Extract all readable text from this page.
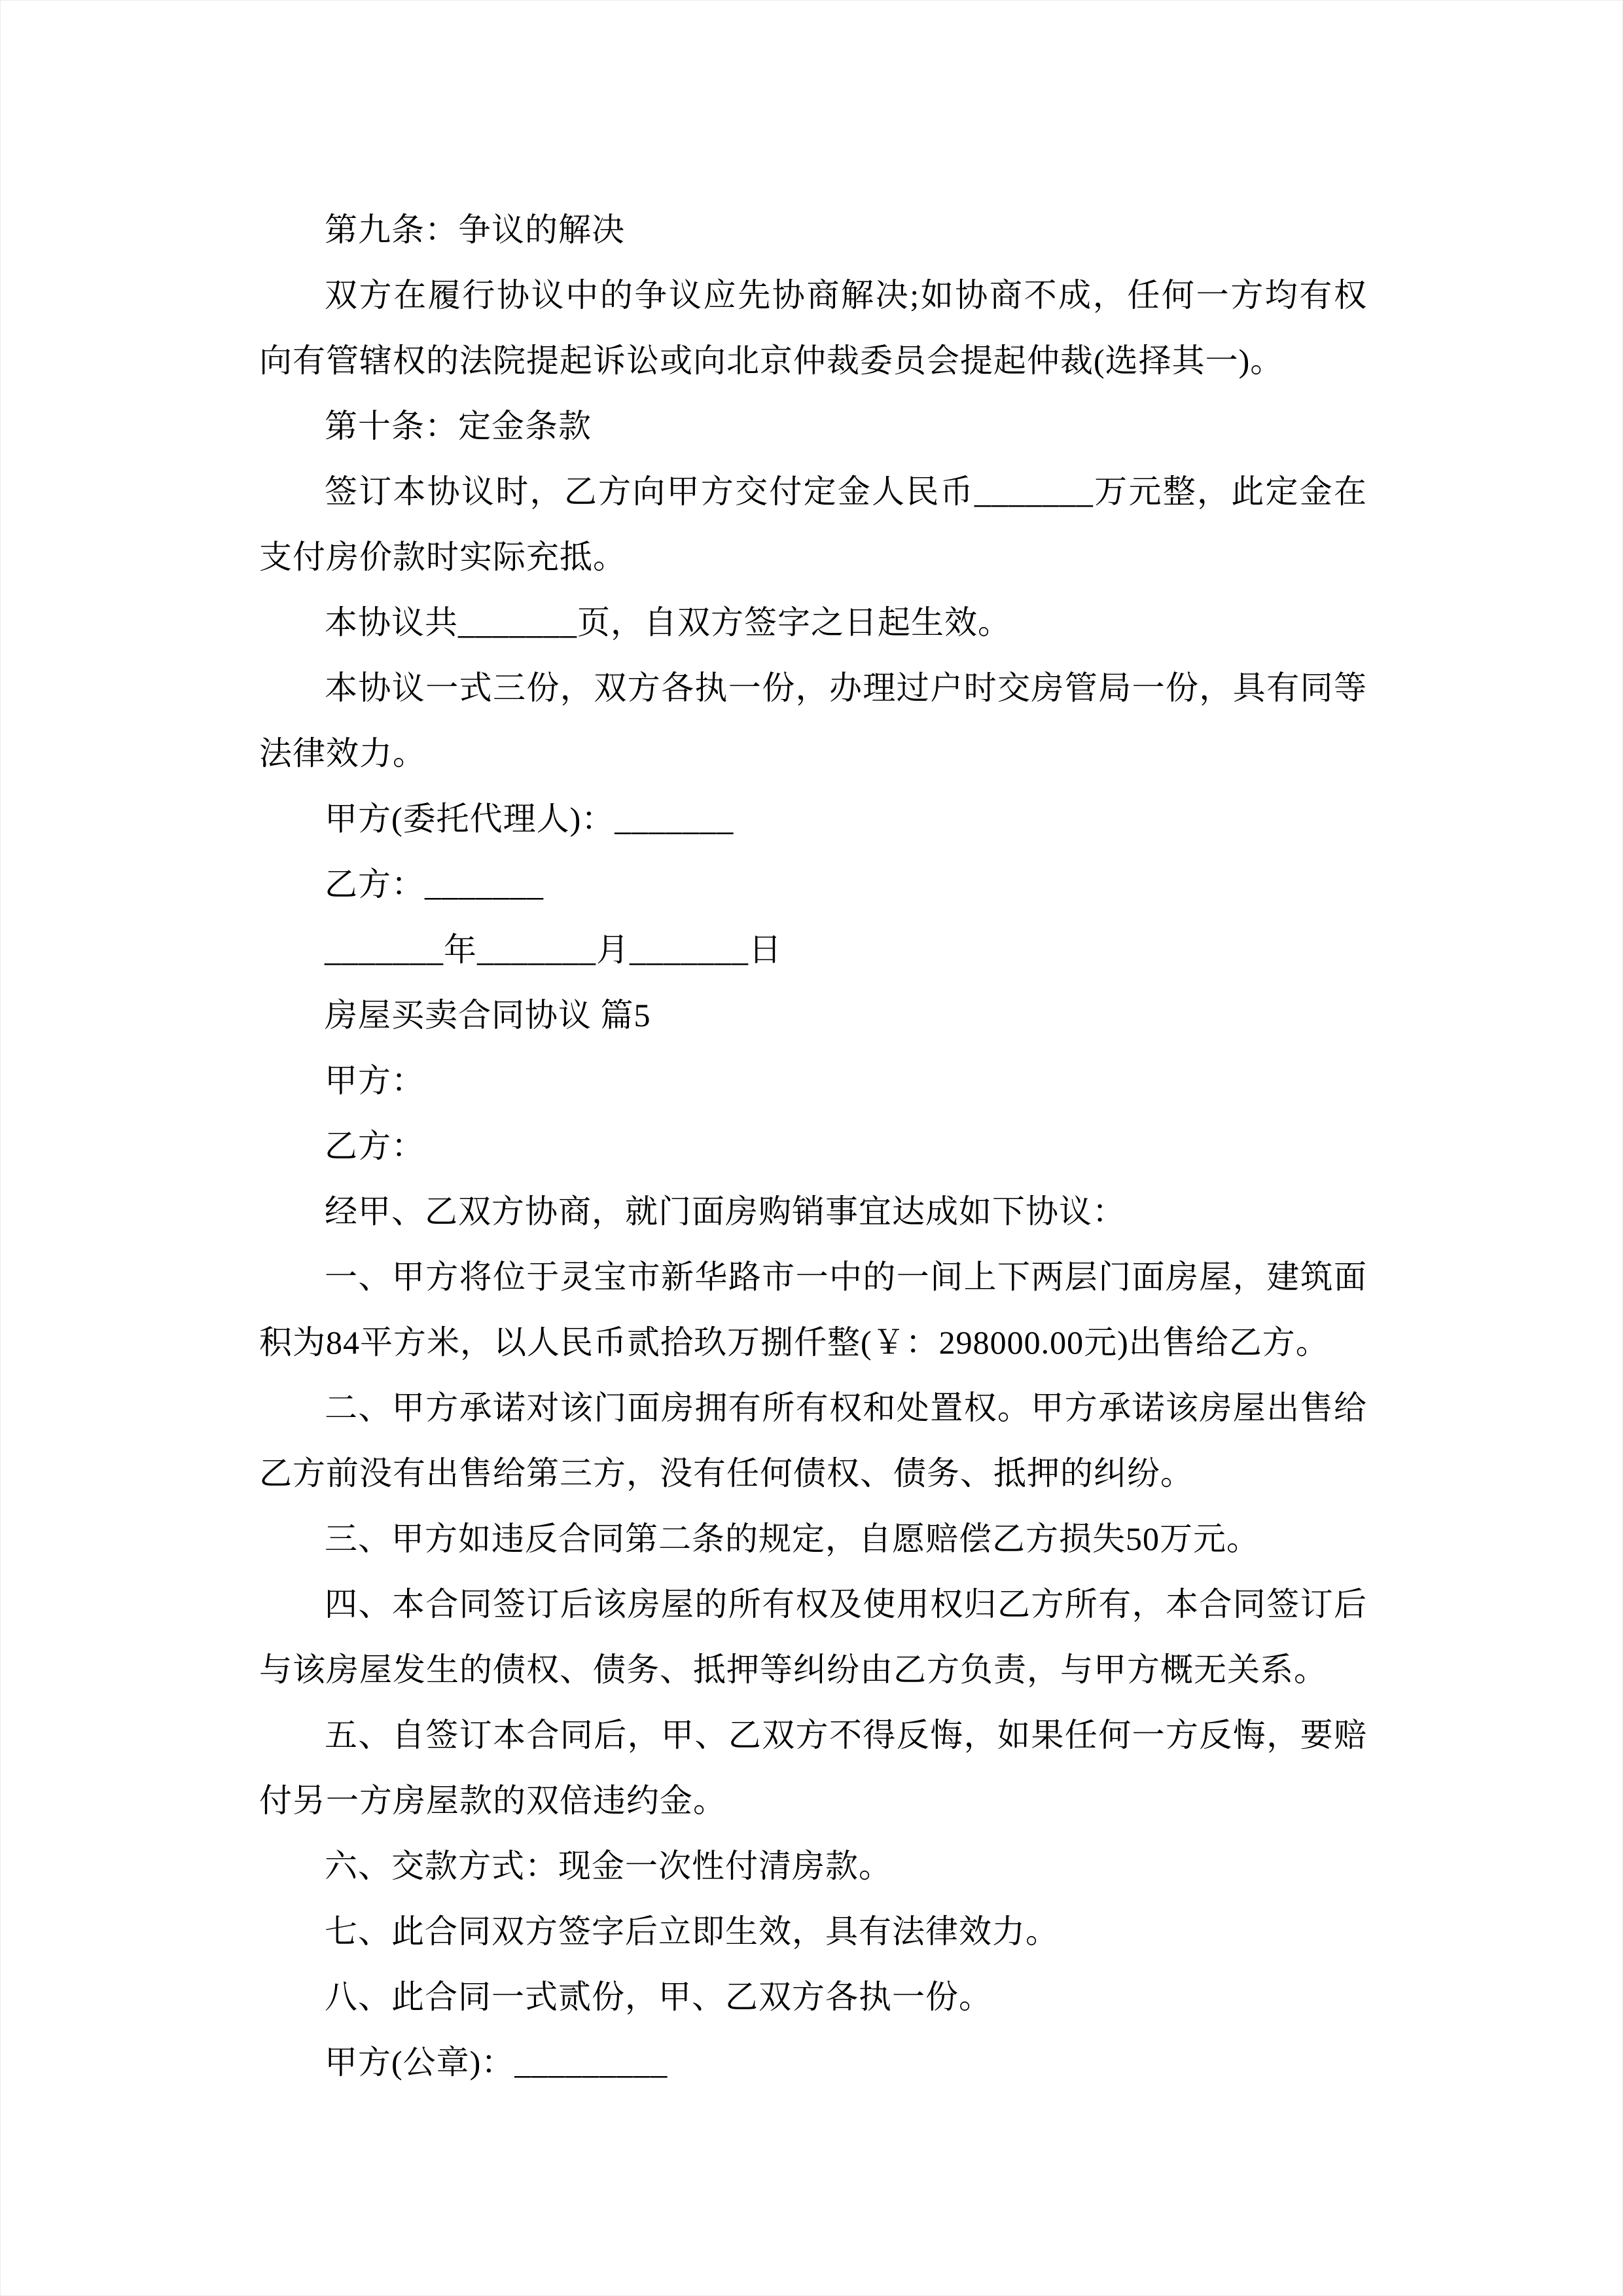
第九条：争议的解决

双方在履行协议中的争议应先协商解决;如协商不成，任何一方均有权向有管辖权的法院提起诉讼或向北京仲裁委员会提起仲裁(选择其一)。

第十条：定金条款

签订本协议时，乙方向甲方交付定金人民币_______万元整，此定金在支付房价款时实际充抵。

本协议共_______页，自双方签字之日起生效。

本协议一式三份，双方各执一份，办理过户时交房管局一份，具有同等法律效力。

甲方(委托代理人)：_______

乙方：_______

_______年_______月_______日

房屋买卖合同协议 篇5

甲方：

乙方：

经甲、乙双方协商，就门面房购销事宜达成如下协议：

一、甲方将位于灵宝市新华路市一中的一间上下两层门面房屋，建筑面积为84平方米，以人民币贰拾玖万捌仟整(￥：298000.00元)出售给乙方。

二、甲方承诺对该门面房拥有所有权和处置权。甲方承诺该房屋出售给乙方前没有出售给第三方，没有任何债权、债务、抵押的纠纷。

三、甲方如违反合同第二条的规定，自愿赔偿乙方损失50万元。

四、本合同签订后该房屋的所有权及使用权归乙方所有，本合同签订后与该房屋发生的债权、债务、抵押等纠纷由乙方负责，与甲方概无关系。

五、自签订本合同后，甲、乙双方不得反悔，如果任何一方反悔，要赔付另一方房屋款的双倍违约金。

六、交款方式：现金一次性付清房款。

七、此合同双方签字后立即生效，具有法律效力。

八、此合同一式贰份，甲、乙双方各执一份。

甲方(公章)：_________
